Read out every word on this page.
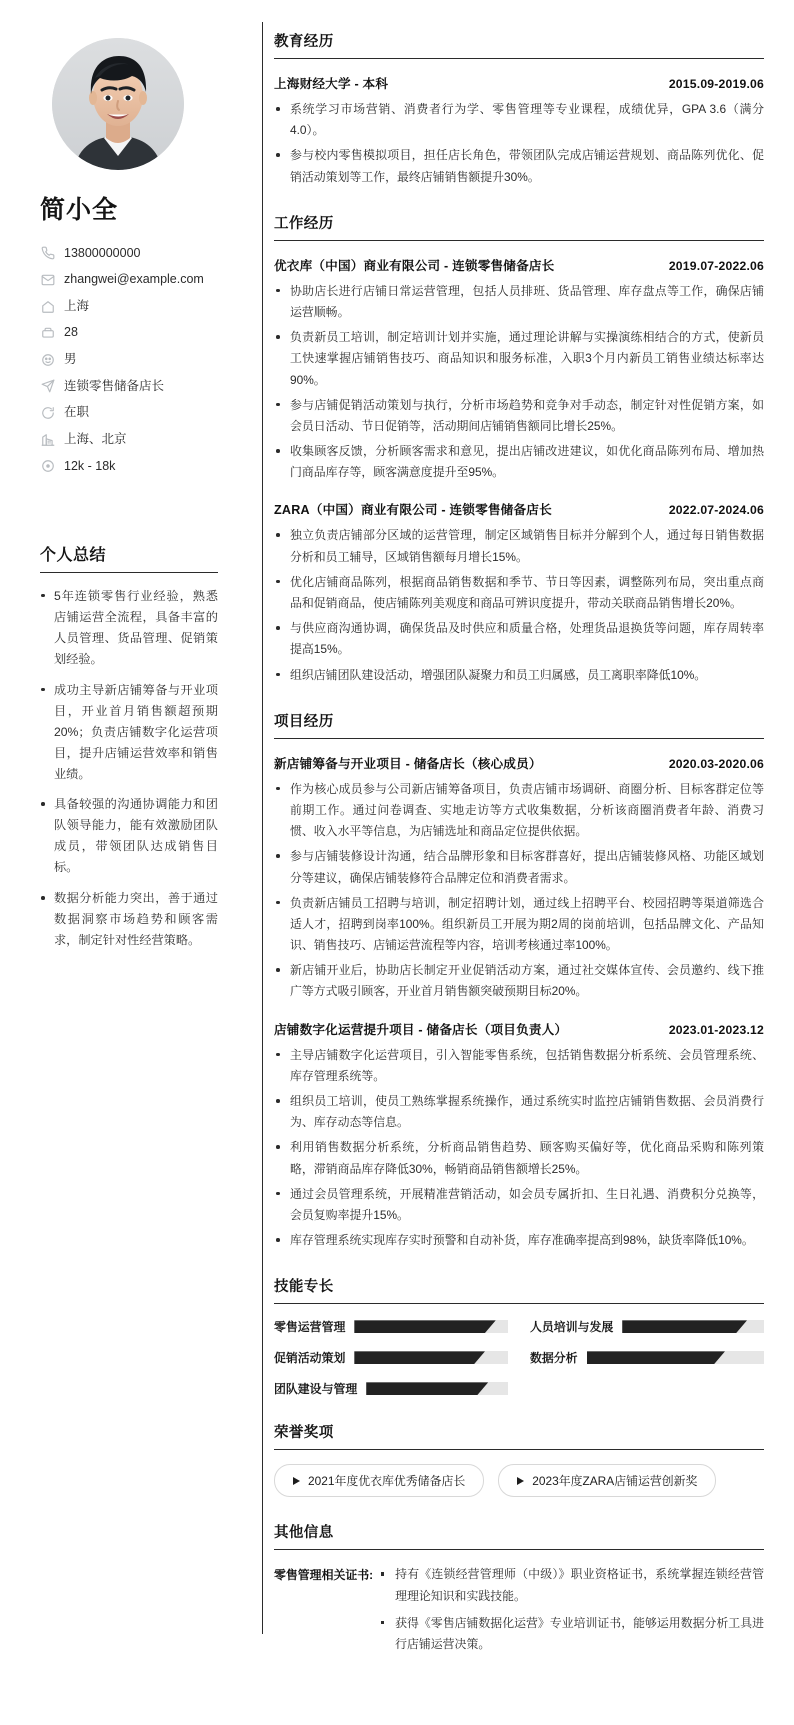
简小全
13800000000
zhangwei@example.com
上海
28
男
连锁零售储备店长
在职
上海、北京
12k - 18k
个人总结
5年连锁零售行业经验，熟悉店铺运营全流程，具备丰富的人员管理、货品管理、促销策划经验。
成功主导新店铺筹备与开业项目，开业首月销售额超预期20%；负责店铺数字化运营项目，提升店铺运营效率和销售业绩。
具备较强的沟通协调能力和团队领导能力，能有效激励团队成员，带领团队达成销售目标。
数据分析能力突出，善于通过数据洞察市场趋势和顾客需求，制定针对性经营策略。
教育经历
上海财经大学 - 本科	2015.09-2019.06
系统学习市场营销、消费者行为学、零售管理等专业课程，成绩优异，GPA 3.6（满分4.0）。
参与校内零售模拟项目，担任店长角色，带领团队完成店铺运营规划、商品陈列优化、促销活动策划等工作，最终店铺销售额提升30%。
工作经历
优衣库（中国）商业有限公司 - 连锁零售储备店长	2019.07-2022.06
协助店长进行店铺日常运营管理，包括人员排班、货品管理、库存盘点等工作，确保店铺运营顺畅。
负责新员工培训，制定培训计划并实施，通过理论讲解与实操演练相结合的方式，使新员工快速掌握店铺销售技巧、商品知识和服务标准，入职3个月内新员工销售业绩达标率达90%。
参与店铺促销活动策划与执行，分析市场趋势和竞争对手动态，制定针对性促销方案，如会员日活动、节日促销等，活动期间店铺销售额同比增长25%。
收集顾客反馈，分析顾客需求和意见，提出店铺改进建议，如优化商品陈列布局、增加热门商品库存等，顾客满意度提升至95%。
ZARA（中国）商业有限公司 - 连锁零售储备店长	2022.07-2024.06
独立负责店铺部分区域的运营管理，制定区域销售目标并分解到个人，通过每日销售数据分析和员工辅导，区域销售额每月增长15%。
优化店铺商品陈列，根据商品销售数据和季节、节日等因素，调整陈列布局，突出重点商品和促销商品，使店铺陈列美观度和商品可辨识度提升，带动关联商品销售增长20%。
与供应商沟通协调，确保货品及时供应和质量合格，处理货品退换货等问题，库存周转率提高15%。
组织店铺团队建设活动，增强团队凝聚力和员工归属感，员工离职率降低10%。
项目经历
新店铺筹备与开业项目 - 储备店长（核心成员）	2020.03-2020.06
作为核心成员参与公司新店铺筹备项目，负责店铺市场调研、商圈分析、目标客群定位等前期工作。通过问卷调查、实地走访等方式收集数据，分析该商圈消费者年龄、消费习惯、收入水平等信息，为店铺选址和商品定位提供依据。
参与店铺装修设计沟通，结合品牌形象和目标客群喜好，提出店铺装修风格、功能区域划分等建议，确保店铺装修符合品牌定位和消费者需求。
负责新店铺员工招聘与培训，制定招聘计划，通过线上招聘平台、校园招聘等渠道筛选合适人才，招聘到岗率100%。组织新员工开展为期2周的岗前培训，包括品牌文化、产品知识、销售技巧、店铺运营流程等内容，培训考核通过率100%。
新店铺开业后，协助店长制定开业促销活动方案，通过社交媒体宣传、会员邀约、线下推广等方式吸引顾客，开业首月销售额突破预期目标20%。
店铺数字化运营提升项目 - 储备店长（项目负责人）	2023.01-2023.12
主导店铺数字化运营项目，引入智能零售系统，包括销售数据分析系统、会员管理系统、库存管理系统等。
组织员工培训，使员工熟练掌握系统操作，通过系统实时监控店铺销售数据、会员消费行为、库存动态等信息。
利用销售数据分析系统，分析商品销售趋势、顾客购买偏好等，优化商品采购和陈列策略，滞销商品库存降低30%，畅销商品销售额增长25%。
通过会员管理系统，开展精准营销活动，如会员专属折扣、生日礼遇、消费积分兑换等，会员复购率提升15%。
库存管理系统实现库存实时预警和自动补货，库存准确率提高到98%，缺货率降低10%。
技能专长
零售运营管理	人员培训与发展
促销活动策划	数据分析
团队建设与管理
荣誉奖项
2021年度优衣库优秀储备店长	2023年度ZARA店铺运营创新奖
其他信息
零售管理相关证书:	持有《连锁经营管理师（中级）》职业资格证书，系统掌握连锁经营管理理论知识和实践技能。
获得《零售店铺数据化运营》专业培训证书，能够运用数据分析工具进行店铺运营决策。
